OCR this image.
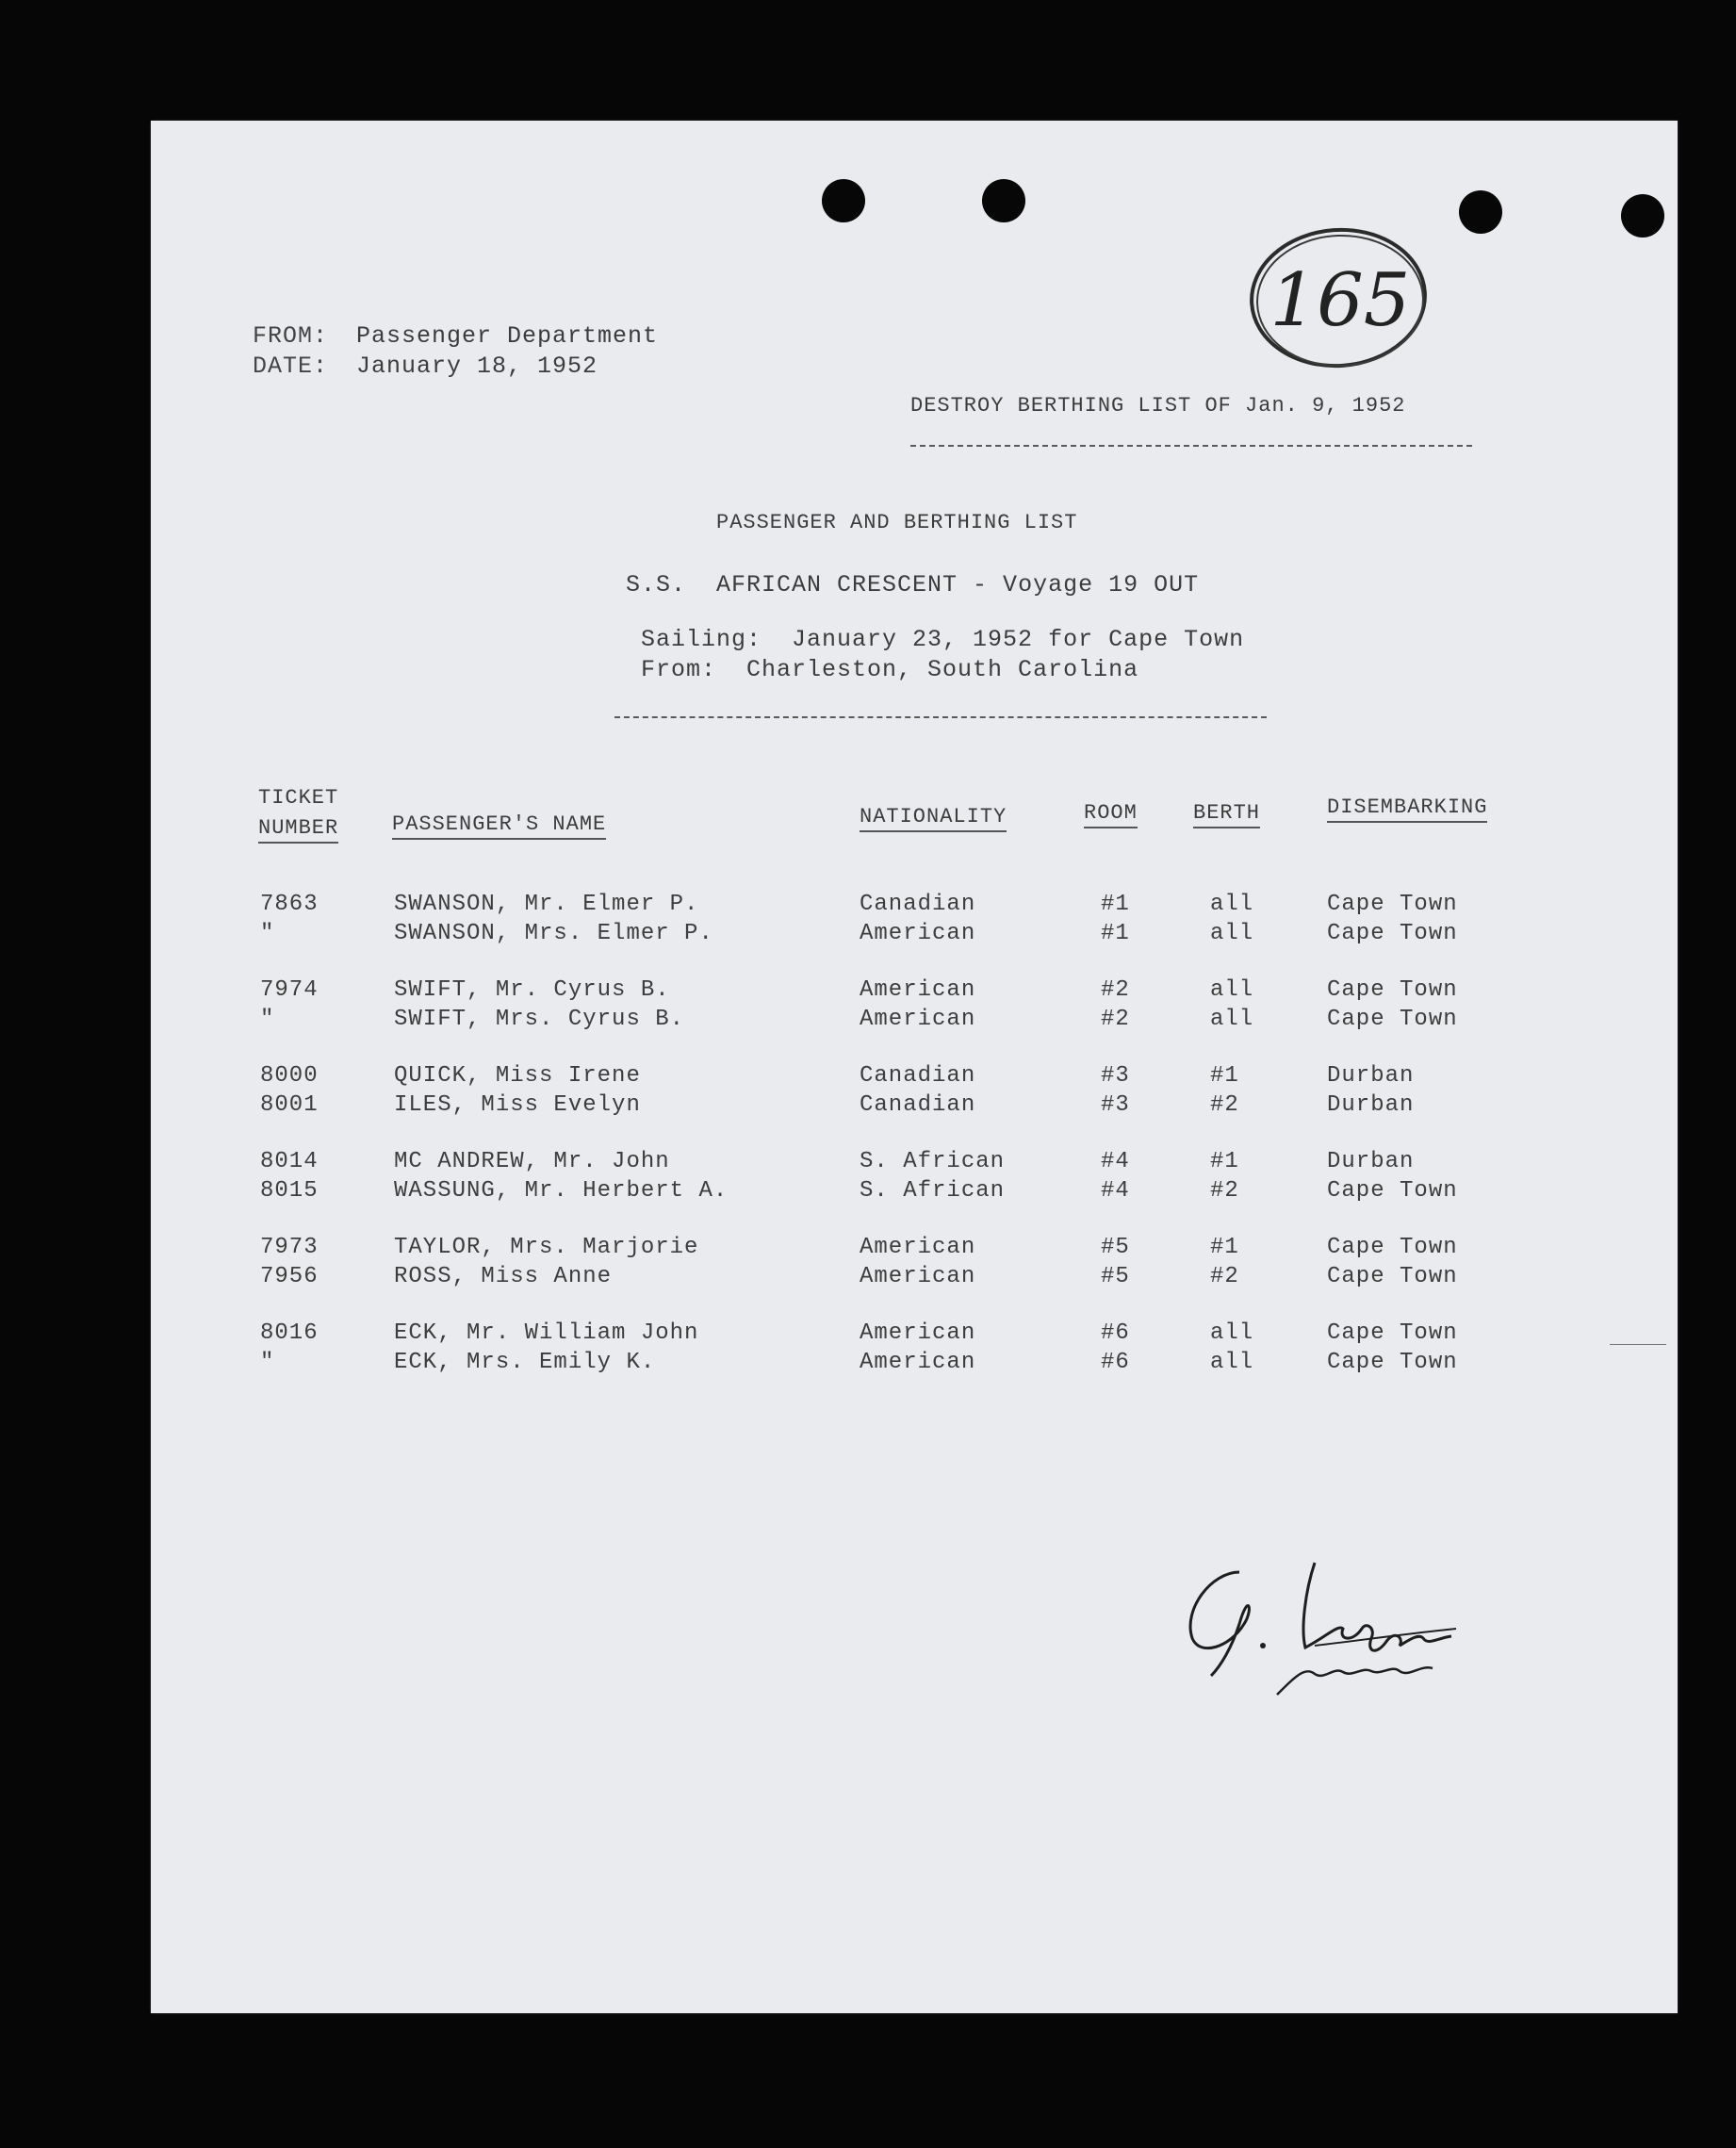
165
FROM: Passenger Department
DATE: January 18, 1952
DESTROY BERTHING LIST OF Jan. 9, 1952
PASSENGER AND BERTHING LIST
S.S.  AFRICAN CRESCENT - Voyage 19 OUT
Sailing:  January 23, 1952 for Cape Town
From:  Charleston, South Carolina
TICKET
NUMBER	PASSENGER'S NAME	NATIONALITY	ROOM	BERTH	DISEMBARKING
7863	SWANSON, Mr. Elmer P.	Canadian	#1	all	Cape Town
"	SWANSON, Mrs. Elmer P.	American	#1	all	Cape Town
7974	SWIFT, Mr. Cyrus B.	American	#2	all	Cape Town
"	SWIFT, Mrs. Cyrus B.	American	#2	all	Cape Town
8000	QUICK, Miss Irene	Canadian	#3	#1	Durban
8001	ILES, Miss Evelyn	Canadian	#3	#2	Durban
8014	MC ANDREW, Mr. John	S. African	#4	#1	Durban
8015	WASSUNG, Mr. Herbert A.	S. African	#4	#2	Cape Town
7973	TAYLOR, Mrs. Marjorie	American	#5	#1	Cape Town
7956	ROSS, Miss Anne	American	#5	#2	Cape Town
8016	ECK, Mr. William John	American	#6	all	Cape Town
"	ECK, Mrs. Emily K.	American	#6	all	Cape Town
G. Legnis Master
